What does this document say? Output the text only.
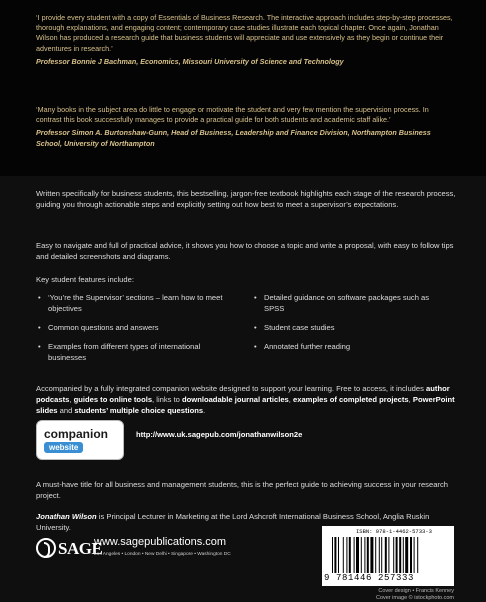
‘I provide every student with a copy of Essentials of Business Research. The interactive approach includes step-by-step processes, thorough explanations, and engaging content; contemporary case studies illustrate each topical chapter. Once again, Jonathan Wilson has produced a research guide that business students will appreciate and use extensively as they begin or continue their adventures in research.’
Professor Bonnie J Bachman, Economics, Missouri University of Science and Technology
‘Many books in the subject area do little to engage or motivate the student and very few mention the supervision process. In contrast this book successfully manages to provide a practical guide for both students and academic staff alike.’
Professor Simon A. Burtonshaw-Gunn, Head of Business, Leadership and Finance Division, Northampton Business School, University of Northampton
Written specifically for business students, this bestselling, jargon-free textbook highlights each stage of the research process, guiding you through actionable steps and explicitly setting out how best to meet a supervisor’s expectations.
Easy to navigate and full of practical advice, it shows you how to choose a topic and write a proposal, with easy to follow tips and detailed screenshots and diagrams.
Key student features include:
• ‘You’re the Supervisor’ sections – learn how to meet objectives
• Common questions and answers
• Examples from different types of international businesses
• Detailed guidance on software packages such as SPSS
• Student case studies
• Annotated further reading
Accompanied by a fully integrated companion website designed to support your learning. Free to access, it includes author podcasts, guides to online tools, links to downloadable journal articles, examples of completed projects, PowerPoint slides and students’ multiple choice questions.
companion
website
http://www.uk.sagepub.com/jonathanwilson2e
A must-have title for all business and management students, this is the perfect guide to achieving success in your research project.
Jonathan Wilson is Principal Lecturer in Marketing at the Lord Ashcroft International Business School, Anglia Ruskin University.
SAGE
www.sagepublications.com
Los Angeles • London • New Delhi • Singapore • Washington DC
ISBN: 978-1-4462-5733-3
9 781446 257333
Cover design • Francis Kenney
Cover image © istockphoto.com
